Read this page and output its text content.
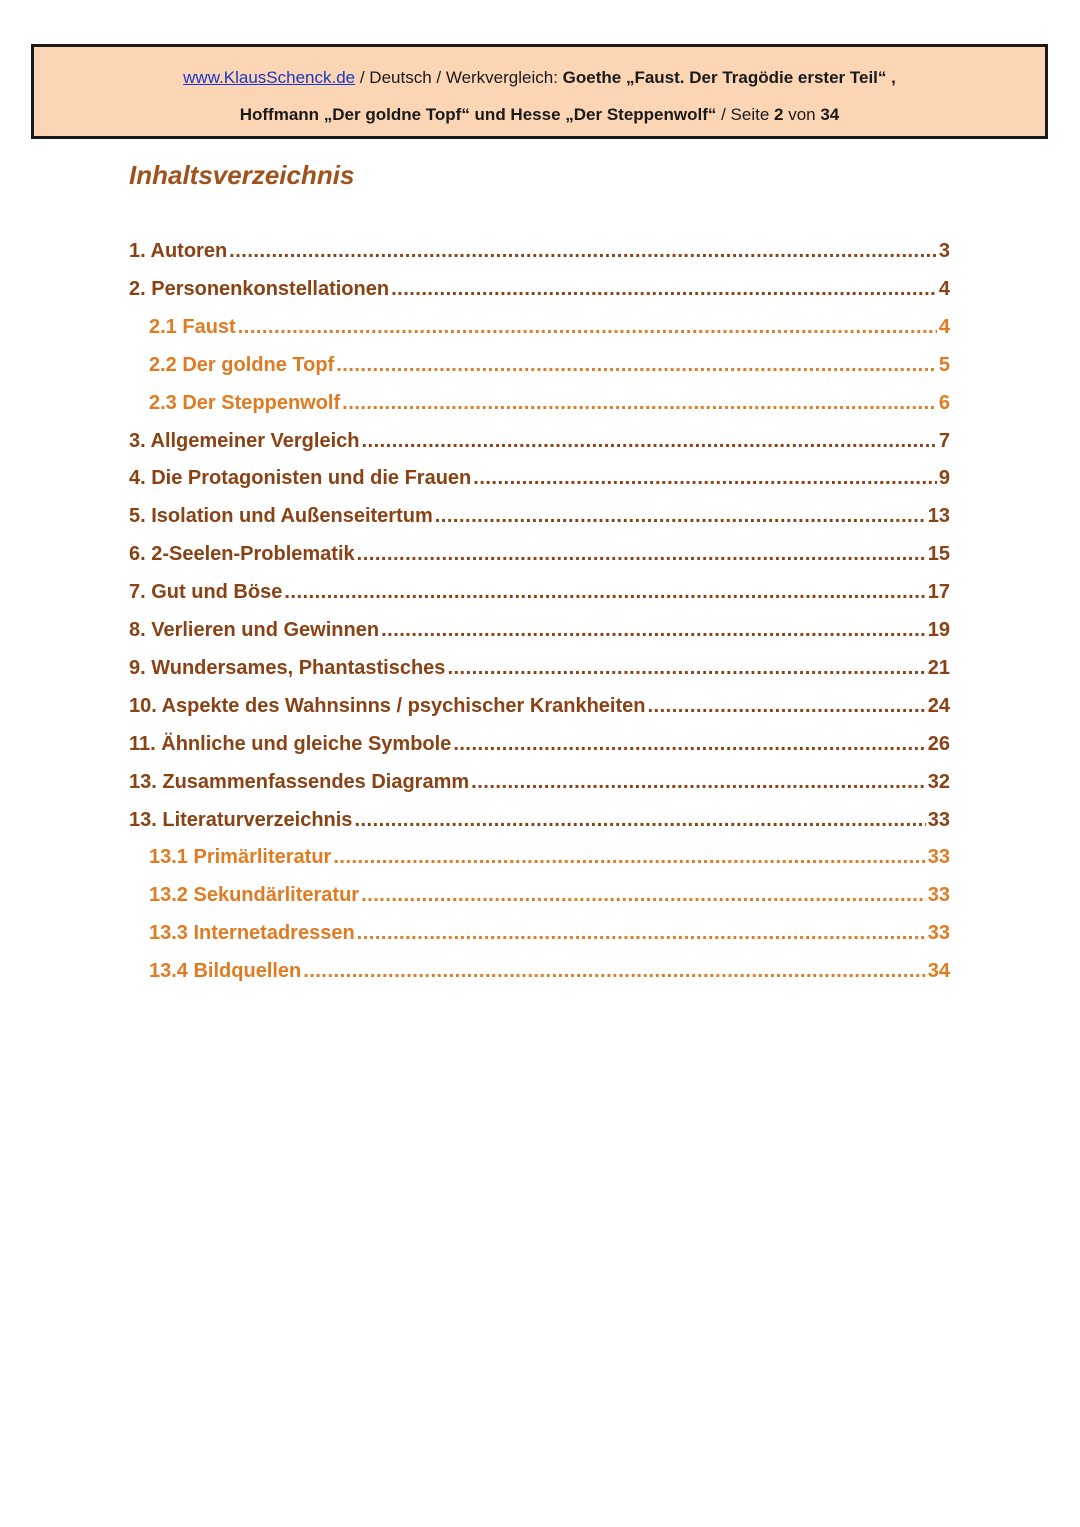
www.KlausSchenck.de / Deutsch / Werkvergleich: Goethe „Faust. Der Tragödie erster Teil“ ,
Hoffmann „Der goldne Topf“ und Hesse „Der Steppenwolf“ / Seite 2 von 34
Inhaltsverzeichnis
1. Autoren .....	3
2. Personenkonstellationen .....	4
2.1 Faust .....	4
2.2 Der goldne Topf .....	5
2.3 Der Steppenwolf .....	6
3. Allgemeiner Vergleich .....	7
4. Die Protagonisten und die Frauen .....	9
5. Isolation und Außenseitertum .....	13
6. 2-Seelen-Problematik .....	15
7. Gut und Böse .....	17
8. Verlieren und Gewinnen .....	19
9. Wundersames, Phantastisches .....	21
10. Aspekte des Wahnsinns / psychischer Krankheiten .....	24
11. Ähnliche und gleiche Symbole .....	26
13. Zusammenfassendes Diagramm .....	32
13. Literaturverzeichnis .....	33
13.1 Primärliteratur .....	33
13.2 Sekundärliteratur .....	33
13.3 Internetadressen .....	33
13.4 Bildquellen .....	34
